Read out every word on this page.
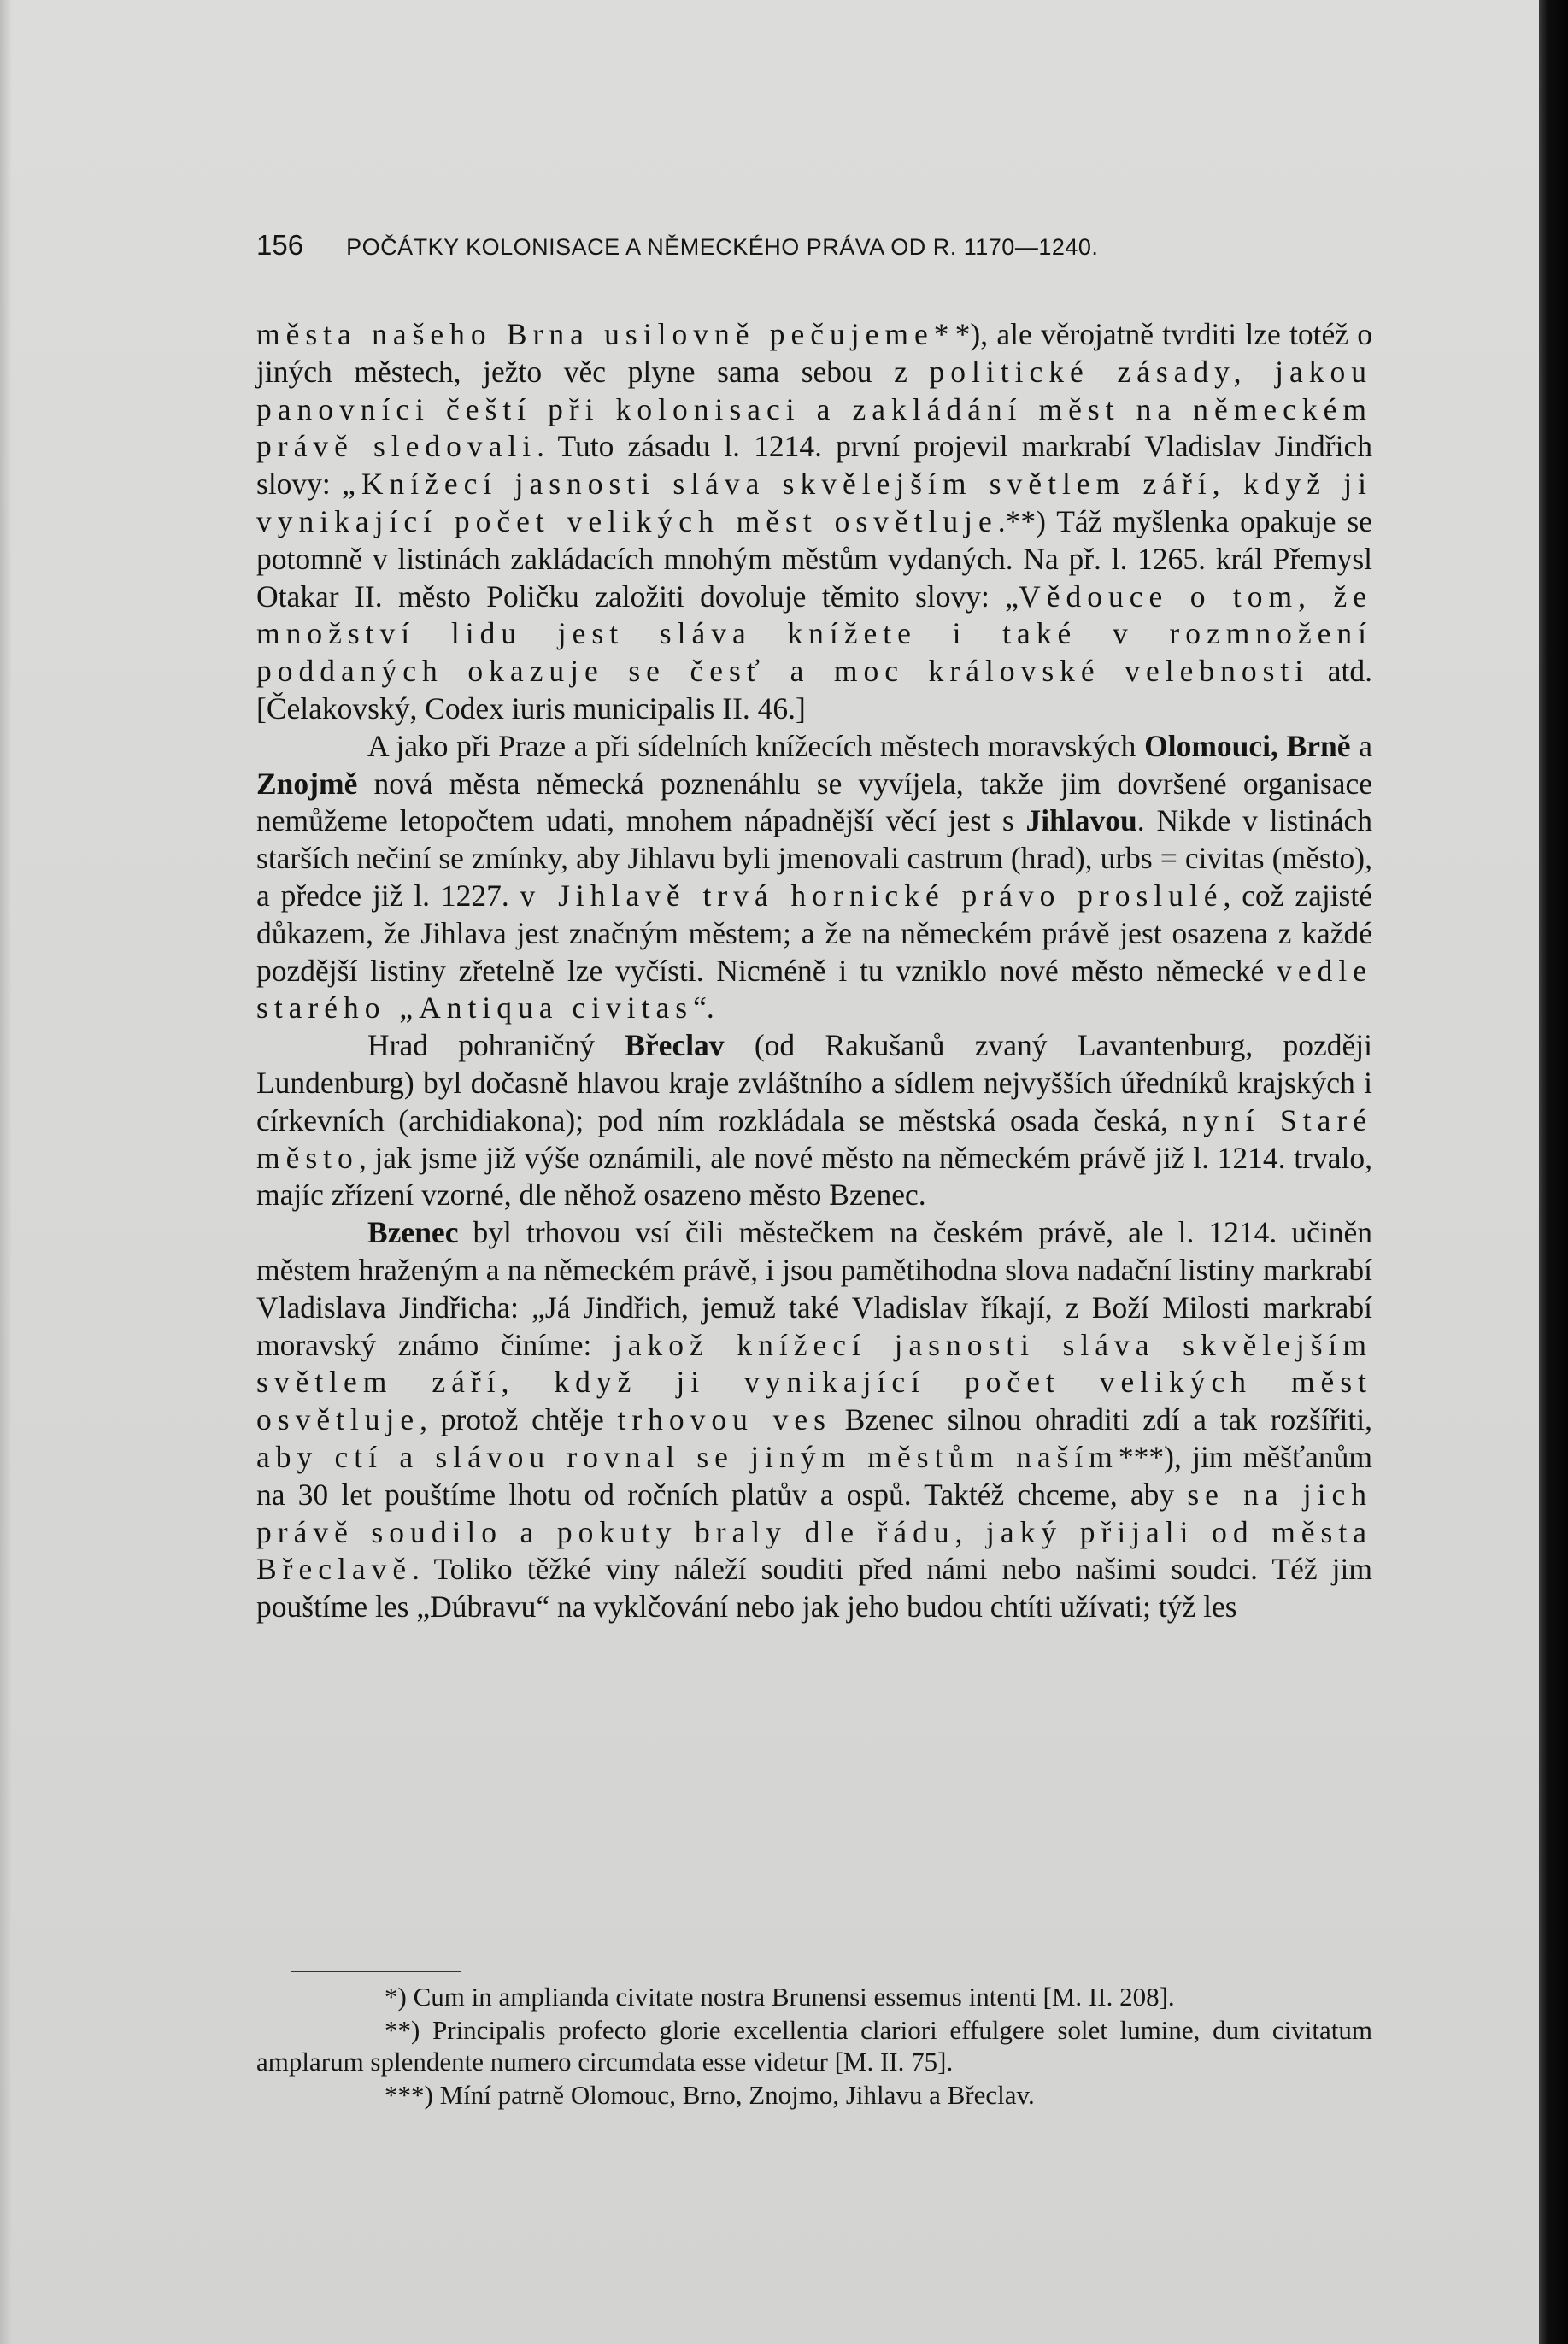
156 POČÁTKY KOLONISACE A NĚMECKÉHO PRÁVA OD R. 1170—1240.

města našeho Brna usilovně pečujeme* *), ale věrojatně tvrditi lze totéž o jiných městech, ježto věc plyne sama sebou z politické zásady, jakou panovníci čeští při kolonisaci a zakládání měst na německém právě sledovali. Tuto zásadu l. 1214. první projevil markrabí Vladislav Jindřich slovy: „Knížecí jasnosti sláva skvělejším světlem září, když ji vynikající počet velikých měst osvětluje.**) Táž myšlenka opakuje se potomně v listinách zakládacích mnohým městům vydaných. Na př. l. 1265. král Přemysl Otakar II. město Poličku založiti dovoluje těmito slovy: „Vědouce o tom, že množství lidu jest sláva knížete i také v rozmnožení poddaných okazuje se česť a moc královské velebnosti atd. [Čelakovský, Codex iuris municipalis II. 46.]

A jako při Praze a při sídelních knížecích městech moravských Olomouci, Brně a Znojmě nová města německá poznenáhlu se vyvíjela, takže jim dovršené organisace nemůžeme letopočtem udati, mnohem nápadnější věcí jest s Jihlavou. Nikde v listinách starších nečiní se zmínky, aby Jihlavu byli jmenovali castrum (hrad), urbs = civitas (město), a předce již l. 1227. v Jihlavě trvá hornické právo proslulé, což zajisté důkazem, že Jihlava jest značným městem; a že na německém právě jest osazena z každé pozdější listiny zřetelně lze vyčísti. Nicméně i tu vzniklo nové město německé vedle starého „Antiqua civitas“.

Hrad pohraničný Břeclav (od Rakušanů zvaný Lavantenburg, později Lundenburg) byl dočasně hlavou kraje zvláštního a sídlem nejvyšších úředníků krajských i církevních (archidiakona); pod ním rozkládala se městská osada česká, nyní Staré město, jak jsme již výše oznámili, ale nové město na německém právě již l. 1214. trvalo, majíc zřízení vzorné, dle něhož osazeno město Bzenec.

Bzenec byl trhovou vsí čili městečkem na českém právě, ale l. 1214. učiněn městem hraženým a na německém právě, i jsou pamětihodna slova nadační listiny markrabí Vladislava Jindřicha: „Já Jindřich, jemuž také Vladislav říkají, z Boží Milosti markrabí moravský známo činíme: jakož knížecí jasnosti sláva skvělejším světlem září, když ji vynikající počet velikých měst osvětluje, protož chtěje trhovou ves Bzenec silnou ohraditi zdí a tak rozšířiti, aby ctí a slávou rovnal se jiným městům naším***), jim měšťanům na 30 let pouštíme lhotu od ročních platův a ospů. Taktéž chceme, aby se na jich právě soudilo a pokuty braly dle řádu, jaký přijali od města Břeclavě. Toliko těžké viny náleží souditi před námi nebo našimi soudci. Též jim pouštíme les „Dúbravu“ na vyklčování nebo jak jeho budou chtíti užívati; týž les

*) Cum in amplianda civitate nostra Brunensi essemus intenti [M. II. 208].

**) Principalis profecto glorie excellentia clariori effulgere solet lumine, dum civitatum amplarum splendente numero circumdata esse videtur [M. II. 75].

***) Míní patrně Olomouc, Brno, Znojmo, Jihlavu a Břeclav.
